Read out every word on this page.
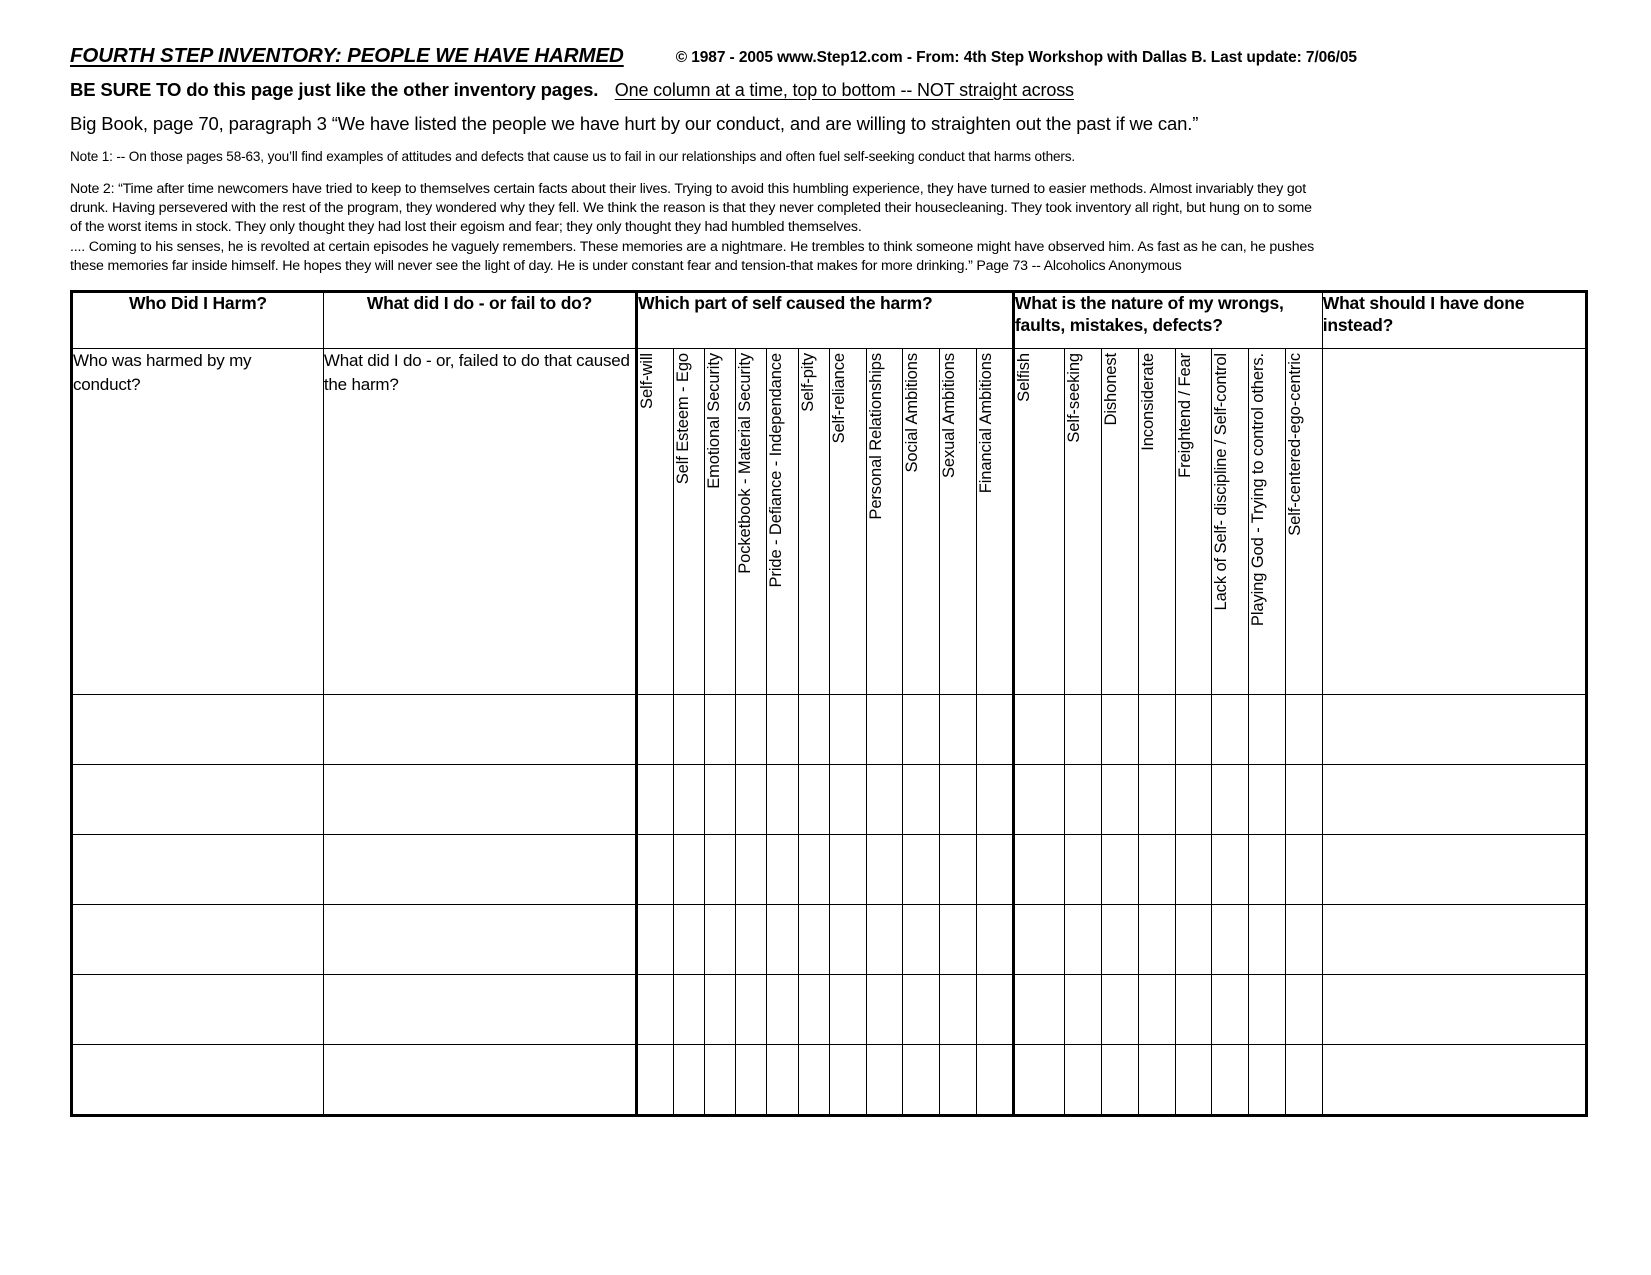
FOURTH STEP INVENTORY: PEOPLE WE HAVE HARMED	© 1987 - 2005 www.Step12.com - From: 4th Step Workshop with Dallas B. Last update: 7/06/05
BE SURE TO do this page just like the other inventory pages. One column at a time, top to bottom -- NOT straight across
Big Book, page 70, paragraph 3 “We have listed the people we have hurt by our conduct, and are willing to straighten out the past if we can.”
Note 1: -- On those pages 58-63, you’ll find examples of attitudes and defects that cause us to fail in our relationships and often fuel self-seeking conduct that harms others.
Note 2: “Time after time newcomers have tried to keep to themselves certain facts about their lives. Trying to avoid this humbling experience, they have turned to easier methods. Almost invariably they got
drunk. Having persevered with the rest of the program, they wondered why they fell. We think the reason is that they never completed their housecleaning. They took inventory all right, but hung on to some
of the worst items in stock. They only thought they had lost their egoism and fear; they only thought they had humbled themselves.
.... Coming to his senses, he is revolted at certain episodes he vaguely remembers. These memories are a nightmare. He trembles to think someone might have observed him. As fast as he can, he pushes
these memories far inside himself. He hopes they will never see the light of day. He is under constant fear and tension-that makes for more drinking.” Page 73 -- Alcoholics Anonymous
Who Did I Harm?	What did I do - or fail to do?	Which part of self caused the harm?											What is the nature of my wrongs, faults, mistakes, defects?								What should I have done instead?
Who was harmed by my conduct?	What did I do - or, failed to do that caused the harm?	Self-will	Self Esteem - Ego	Emotional Security	Pocketbook - Material Security	Pride - Defiance - Independance	Self-pity	Self-reliance	Personal Relationships	Social Ambitions	Sexual Ambitions	Financial Ambitions	Selfish	Self-seeking	Dishonest	Inconsiderate	Freightend / Fear	Lack of Self- discipline / Self-control	Playing God - Trying to control others.	Self-centered-ego-centric	
